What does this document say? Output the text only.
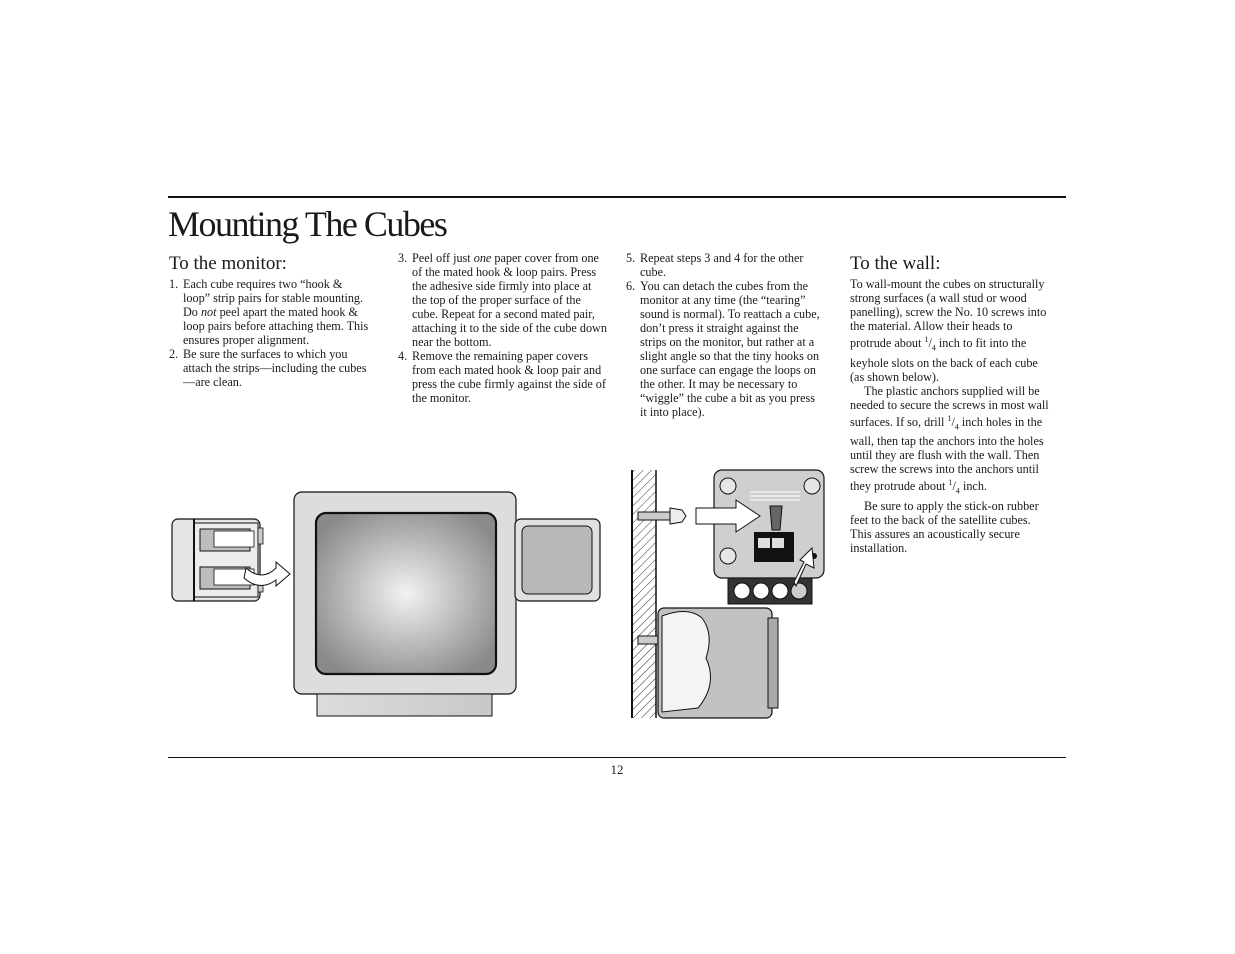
Mounting The Cubes
To the monitor:
1. Each cube requires two “hook & loop” strip pairs for stable mounting. Do not peel apart the mated hook & loop pairs before attaching them. This ensures proper alignment.
2. Be sure the surfaces to which you attach the strips—including the cubes—are clean.
3. Peel off just one paper cover from one of the mated hook & loop pairs. Press the adhesive side firmly into place at the top of the proper surface of the cube. Repeat for a second mated pair, attaching it to the side of the cube down near the bottom.
4. Remove the remaining paper covers from each mated hook & loop pair and press the cube firmly against the side of the monitor.
5. Repeat steps 3 and 4 for the other cube.
6. You can detach the cubes from the monitor at any time (the “tearing” sound is normal). To reattach a cube, don’t press it straight against the strips on the monitor, but rather at a slight angle so that the tiny hooks on one surface can engage the loops on the other. It may be necessary to “wiggle” the cube a bit as you press it into place).
To the wall:

To wall-mount the cubes on structurally strong surfaces (a wall stud or wood panelling), screw the No. 10 screws into the material. Allow their heads to protrude about $^1/_4$ inch to fit into the keyhole slots on the back of each cube (as shown below).

The plastic anchors supplied will be needed to secure the screws in most wall surfaces. If so, drill $^1/_4$ inch holes in the wall, then tap the anchors into the holes until they are flush with the wall. Then screw the screws into the anchors until they protrude about $^1/_4$ inch.

Be sure to apply the stick-on rubber feet to the back of the satellite cubes. This assures an acoustically secure installation.

12
